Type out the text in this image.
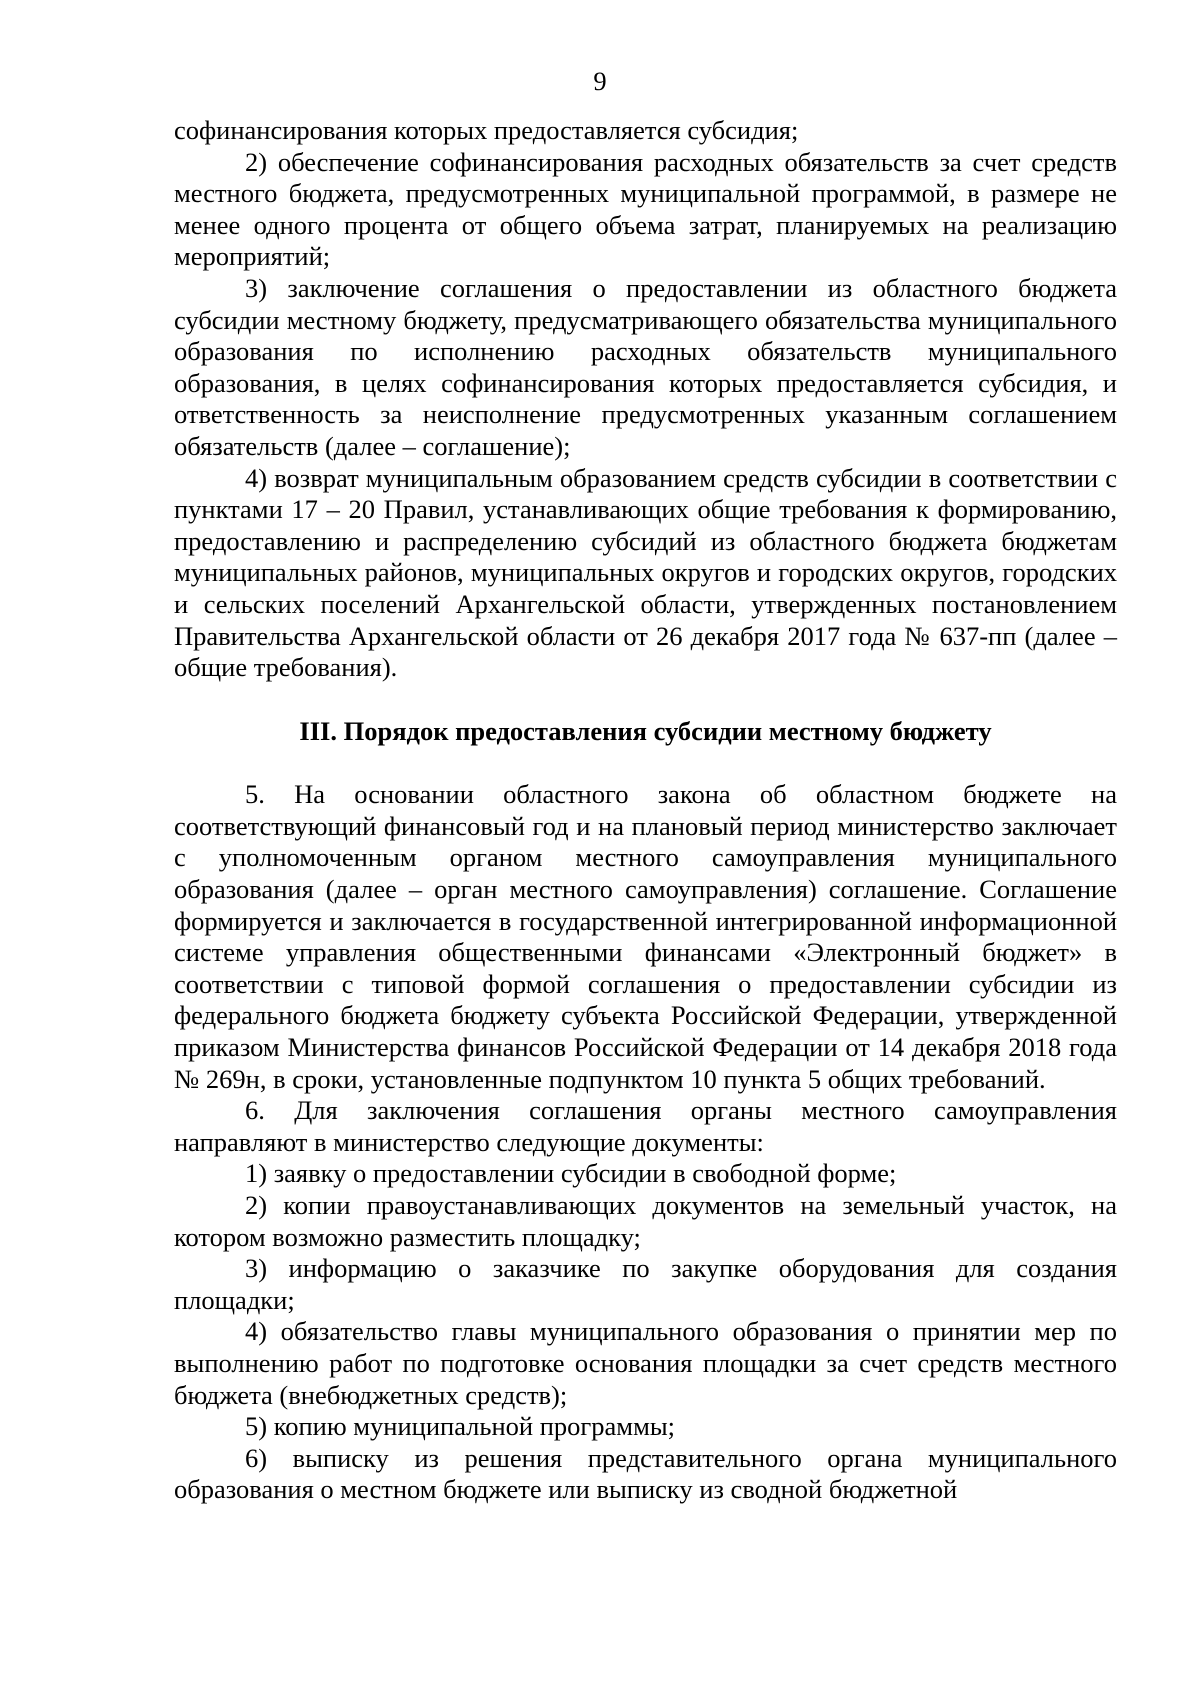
9

софинансирования которых предоставляется субсидия;

2) обеспечение софинансирования расходных обязательств за счет средств местного бюджета, предусмотренных муниципальной программой, в размере не менее одного процента от общего объема затрат, планируемых на реализацию мероприятий;

3) заключение соглашения о предоставлении из областного бюджета субсидии местному бюджету, предусматривающего обязательства муниципального образования по исполнению расходных обязательств муниципального образования, в целях софинансирования которых предоставляется субсидия, и ответственность за неисполнение предусмотренных указанным соглашением обязательств (далее – соглашение);

4) возврат муниципальным образованием средств субсидии в соответствии с пунктами 17 – 20 Правил, устанавливающих общие требования к формированию, предоставлению и распределению субсидий из областного бюджета бюджетам муниципальных районов, муниципальных округов и городских округов, городских и сельских поселений Архангельской области, утвержденных постановлением Правительства Архангельской области от 26 декабря 2017 года № 637-пп (далее – общие требования).

III. Порядок предоставления субсидии местному бюджету

5. На основании областного закона об областном бюджете на соответствующий финансовый год и на плановый период министерство заключает с уполномоченным органом местного самоуправления муниципального образования (далее – орган местного самоуправления) соглашение. Соглашение формируется и заключается в государственной интегрированной информационной системе управления общественными финансами «Электронный бюджет» в соответствии с типовой формой соглашения о предоставлении субсидии из федерального бюджета бюджету субъекта Российской Федерации, утвержденной приказом Министерства финансов Российской Федерации от 14 декабря 2018 года № 269н, в сроки, установленные подпунктом 10 пункта 5 общих требований.

6. Для заключения соглашения органы местного самоуправления направляют в министерство следующие документы:

1) заявку о предоставлении субсидии в свободной форме;

2) копии правоустанавливающих документов на земельный участок, на котором возможно разместить площадку;

3) информацию о заказчике по закупке оборудования для создания площадки;

4) обязательство главы муниципального образования о принятии мер по выполнению работ по подготовке основания площадки за счет средств местного бюджета (внебюджетных средств);

5) копию муниципальной программы;

6) выписку из решения представительного органа муниципального образования о местном бюджете или выписку из сводной бюджетной
